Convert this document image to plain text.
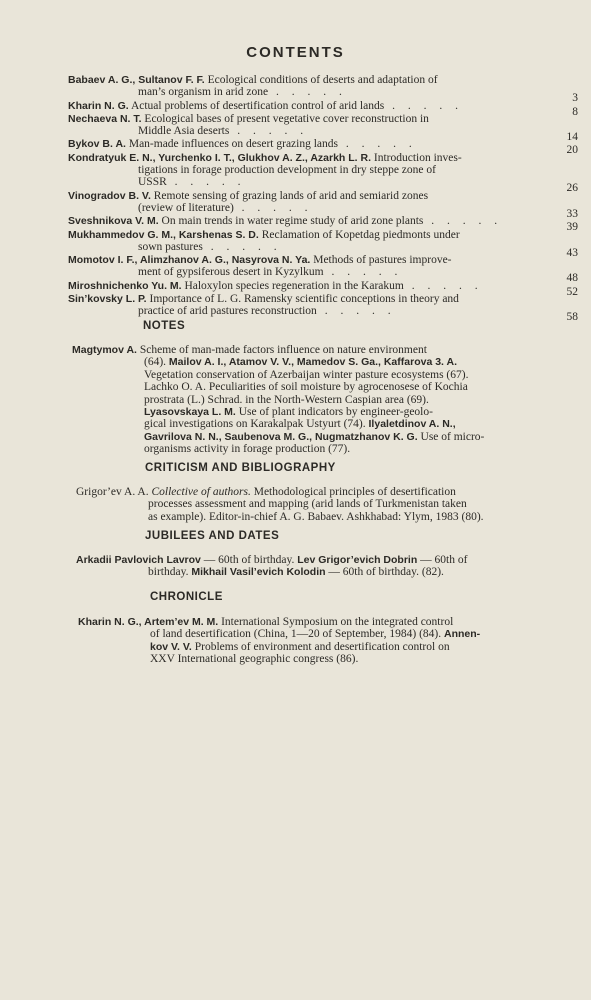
CONTENTS
Babaev A. G., Sultanov F. F. Ecological conditions of deserts and adaptation of
3
man’s organism in arid zone . . . . .
8
Kharin N. G. Actual problems of desertification control of arid lands . . . . .
Nechaeva N. T. Ecological bases of present vegetative cover reconstruction in
14
Middle Asia deserts . . . . .
20
Bykov B. A. Man-made influences on desert grazing lands . . . . .
Kondratyuk E. N., Yurchenko I. T., Glukhov A. Z., Azarkh L. R. Introduction inves-
tigations in forage production development in dry steppe zone of
26
USSR . . . . .
Vinogradov B. V. Remote sensing of grazing lands of arid and semiarid zones
33
(review of literature) . . . . .
39
Sveshnikova V. M. On main trends in water regime study of arid zone plants . . . . .
Mukhammedov G. M., Karshenas S. D. Reclamation of Kopetdag piedmonts under
43
sown pastures . . . . .
Momotov I. F., Alimzhanov A. G., Nasyrova N. Ya. Methods of pastures improve-
48
ment of gypsiferous desert in Kyzylkum . . . . .
52
Miroshnichenko Yu. M. Haloxylon species regeneration in the Karakum . . . . .
Sin’kovsky L. P. Importance of L. G. Ramensky scientific conceptions in theory and
58
practice of arid pastures reconstruction . . . . .
NOTES
Magtymov A. Scheme of man-made factors influence on nature environment
(64). Mailov A. I., Atamov V. V., Mamedov S. Ga., Kaffarova 3. A.
Vegetation conservation of Azerbaijan winter pasture ecosystems (67).
Lachko O. A. Peculiarities of soil moisture by agrocenosese of Kochia
prostrata (L.) Schrad. in the North-Western Caspian area (69).
Lyasovskaya L. M. Use of plant indicators by engineer-geolo-
gical investigations on Karakalpak Ustyurt (74). Ilyaletdinov A. N.,
Gavrilova N. N., Saubenova M. G., Nugmatzhanov K. G. Use of micro-
organisms activity in forage production (77).
CRITICISM AND BIBLIOGRAPHY
Grigor’ev A. A. Collective of authors. Methodological principles of desertification
processes assessment and mapping (arid lands of Turkmenistan taken
as example). Editor-in-chief A. G. Babaev. Ashkhabad: Ylym, 1983 (80).
JUBILEES AND DATES
Arkadii Pavlovich Lavrov — 60th of birthday. Lev Grigor’evich Dobrin — 60th of
birthday. Mikhail Vasil’evich Kolodin — 60th of birthday. (82).
CHRONICLE
Kharin N. G., Artem’ev M. M. International Symposium on the integrated control
of land desertification (China, 1—20 of September, 1984) (84). Annen-
kov V. V. Problems of environment and desertification control on
XXV International geographic congress (86).
